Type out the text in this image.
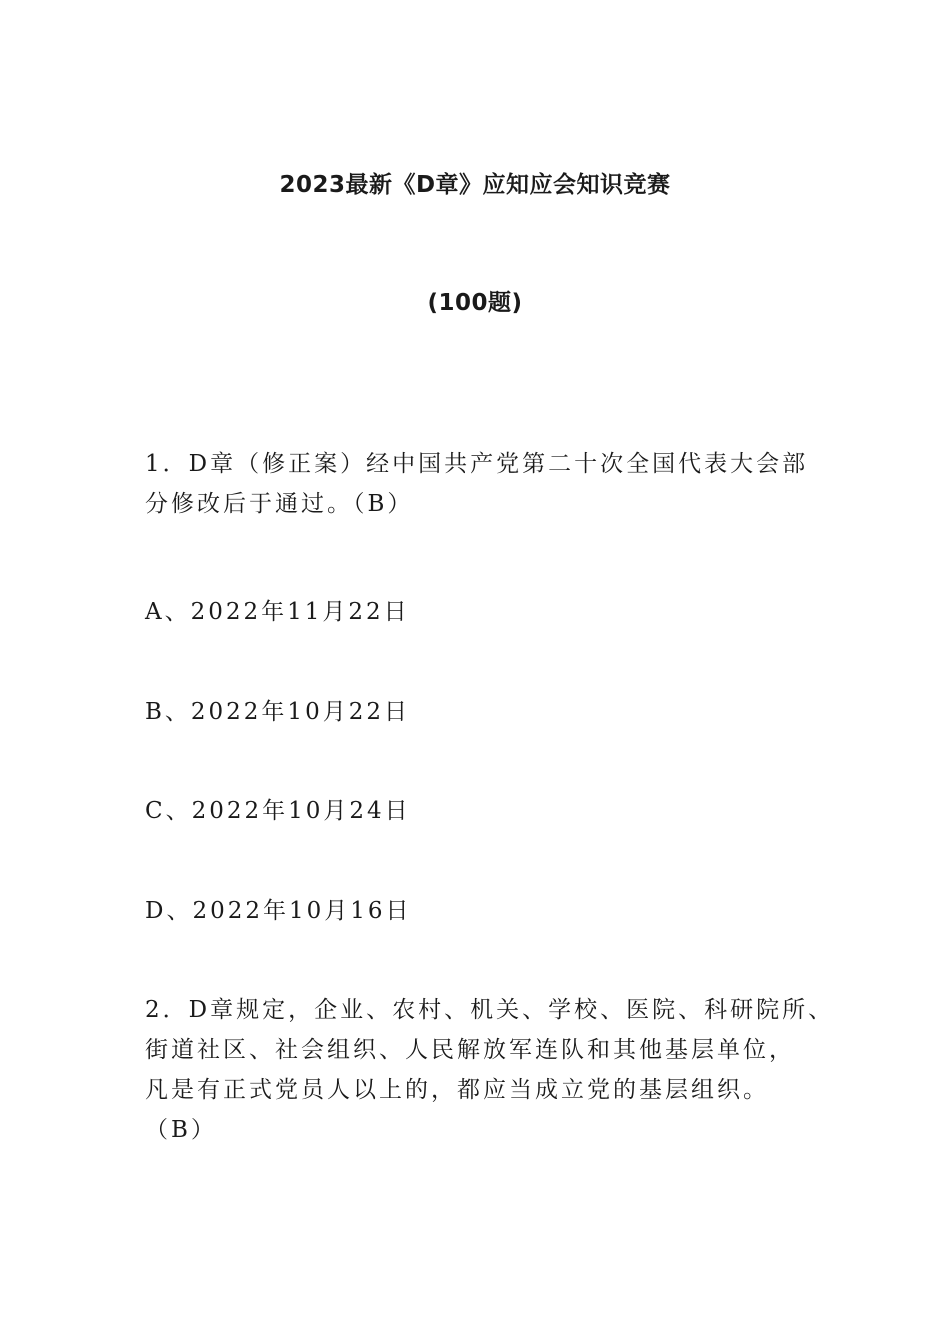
2023最新《D章》应知应会知识竞赛
(100题)
1．D章（修正案）经中国共产党第二十次全国代表大会部
分修改后于通过。（B）
A、2022年11月22日
B、2022年10月22日
C、2022年10月24日
D、2022年10月16日
2．D章规定，企业、农村、机关、学校、医院、科研院所、
街道社区、社会组织、人民解放军连队和其他基层单位，
凡是有正式党员人以上的，都应当成立党的基层组织。
（B）
